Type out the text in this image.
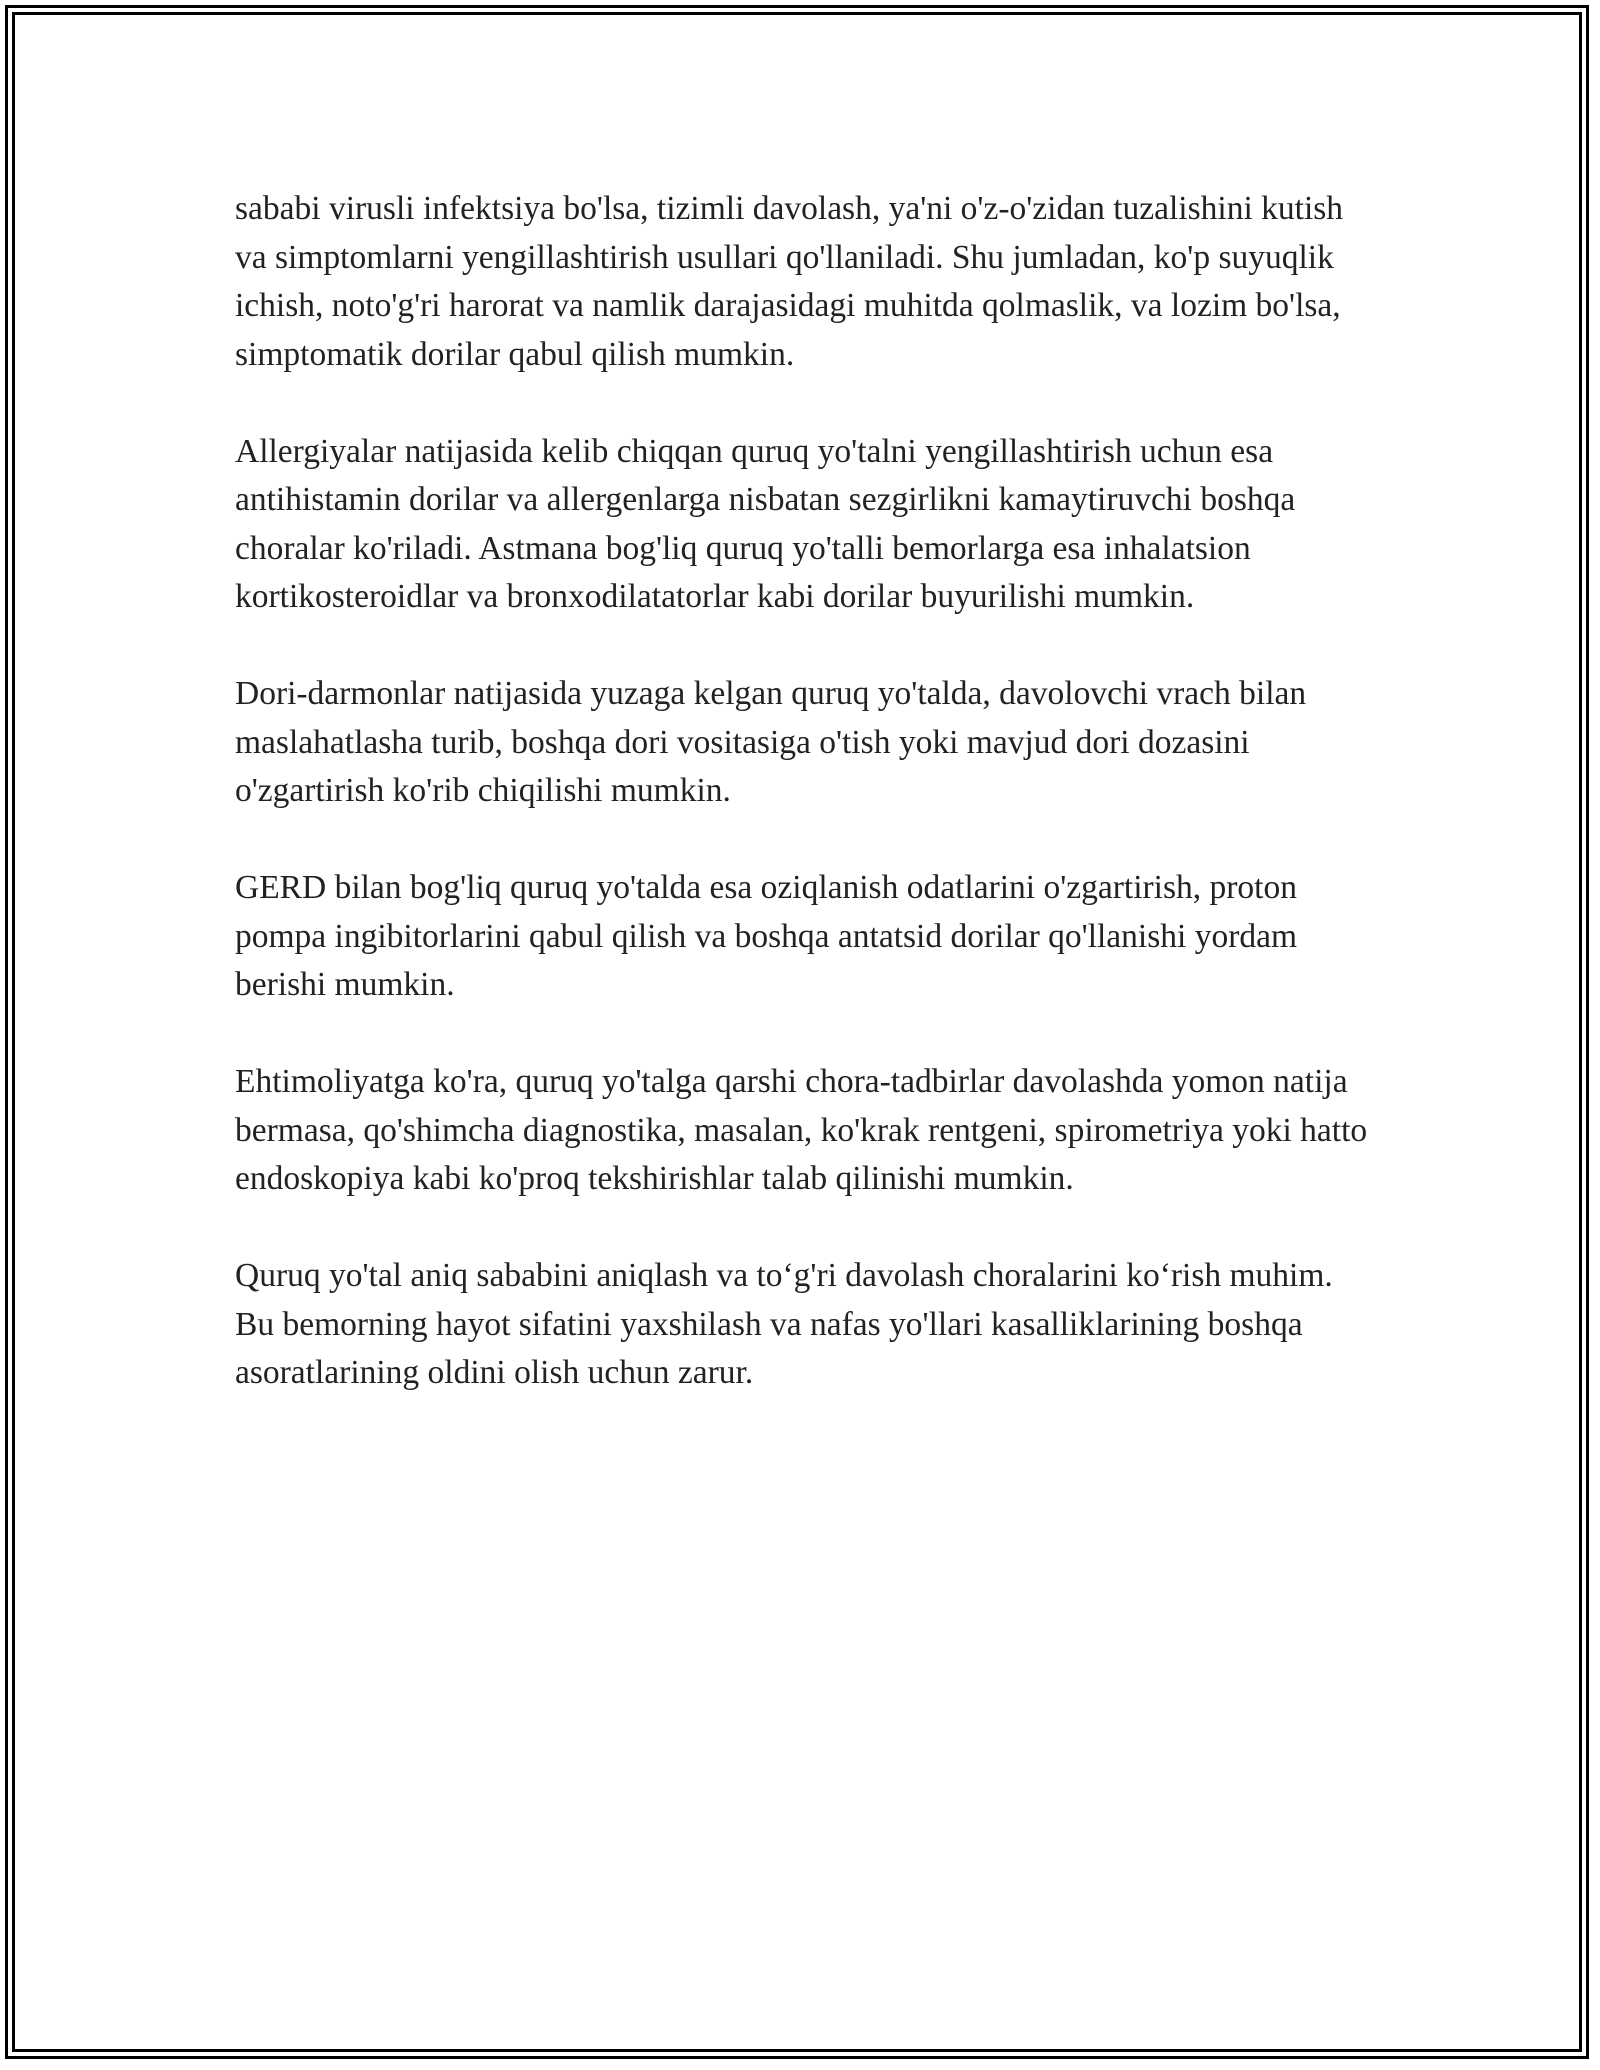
sababi virusli infektsiya bo'lsa, tizimli davolash, ya'ni o'z-o'zidan tuzalishini kutish va simptomlarni yengillashtirish usullari qo'llaniladi. Shu jumladan, ko'p suyuqlik ichish, noto'g'ri harorat va namlik darajasidagi muhitda qolmaslik, va lozim bo'lsa, simptomatik dorilar qabul qilish mumkin.

Allergiyalar natijasida kelib chiqqan quruq yo'talni yengillashtirish uchun esa antihistamin dorilar va allergenlarga nisbatan sezgirlikni kamaytiruvchi boshqa choralar ko'riladi. Astmana bog'liq quruq yo'talli bemorlarga esa inhalatsion kortikosteroidlar va bronxodilatatorlar kabi dorilar buyurilishi mumkin.

Dori-darmonlar natijasida yuzaga kelgan quruq yo'talda, davolovchi vrach bilan maslahatlasha turib, boshqa dori vositasiga o'tish yoki mavjud dori dozasini o'zgartirish ko'rib chiqilishi mumkin.

GERD bilan bog'liq quruq yo'talda esa oziqlanish odatlarini o'zgartirish, proton pompa ingibitorlarini qabul qilish va boshqa antatsid dorilar qo'llanishi yordam berishi mumkin.

Ehtimoliyatga ko'ra, quruq yo'talga qarshi chora-tadbirlar davolashda yomon natija bermasa, qo'shimcha diagnostika, masalan, ko'krak rentgeni, spirometriya yoki hatto endoskopiya kabi ko'proq tekshirishlar talab qilinishi mumkin.

Quruq yo'tal aniq sababini aniqlash va to‘g'ri davolash choralarini ko‘rish muhim. Bu bemorning hayot sifatini yaxshilash va nafas yo'llari kasalliklarining boshqa asoratlarining oldini olish uchun zarur.
